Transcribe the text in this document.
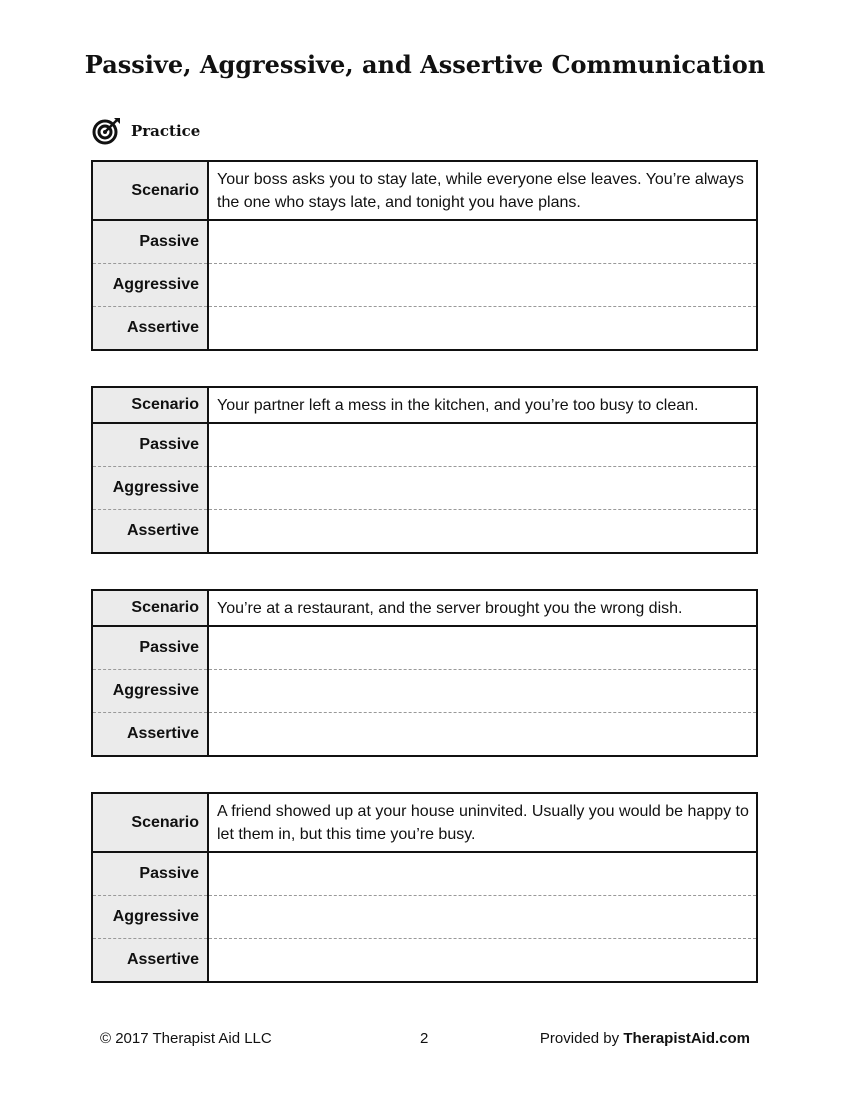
Passive, Aggressive, and Assertive Communication
Practice
Scenario	Your boss asks you to stay late, while everyone else leaves. You’re always the one who stays late, and tonight you have plans.
Passive	
Aggressive	
Assertive	
Scenario	Your partner left a mess in the kitchen, and you’re too busy to clean.
Passive	
Aggressive	
Assertive	
Scenario	You’re at a restaurant, and the server brought you the wrong dish.
Passive	
Aggressive	
Assertive	
Scenario	A friend showed up at your house uninvited. Usually you would be happy to let them in, but this time you’re busy.
Passive	
Aggressive	
Assertive	
© 2017 Therapist Aid LLC	2	Provided by TherapistAid.com
